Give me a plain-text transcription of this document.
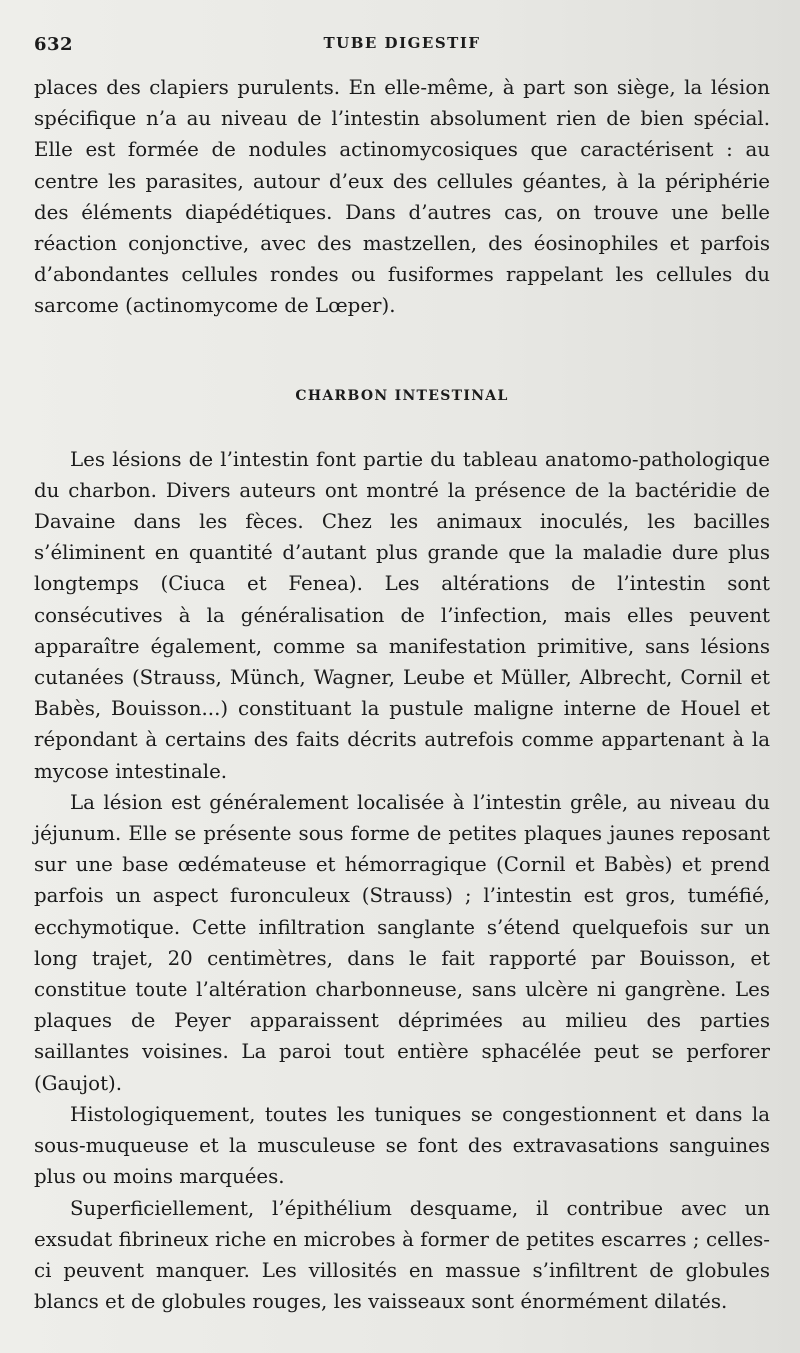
632	TUBE DIGESTIF

places des clapiers purulents. En elle-même, à part son siège, la lésion spécifique n’a au niveau de l’intestin absolument rien de bien spécial. Elle est formée de nodules actinomycosiques que caractérisent : au centre les parasites, autour d’eux des cellules géantes, à la périphérie des éléments diapédétiques. Dans d’autres cas, on trouve une belle réaction conjonctive, avec des mastzellen, des éosinophiles et parfois d’abondantes cellules rondes ou fusiformes rappelant les cellules du sarcome (actinomycome de Lœper).

CHARBON INTESTINAL

Les lésions de l’intestin font partie du tableau anatomo-pathologique du charbon. Divers auteurs ont montré la présence de la bactéridie de Davaine dans les fèces. Chez les animaux inoculés, les bacilles s’éliminent en quantité d’autant plus grande que la maladie dure plus longtemps (Ciuca et Fenea). Les altérations de l’intestin sont consécutives à la généralisation de l’infection, mais elles peuvent apparaître également, comme sa manifestation primitive, sans lésions cutanées (Strauss, Münch, Wagner, Leube et Müller, Albrecht, Cornil et Babès, Bouisson...) constituant la pustule maligne interne de Houel et répondant à certains des faits décrits autrefois comme appartenant à la mycose intestinale.

La lésion est généralement localisée à l’intestin grêle, au niveau du jéjunum. Elle se présente sous forme de petites plaques jaunes reposant sur une base œdémateuse et hémorragique (Cornil et Babès) et prend parfois un aspect furonculeux (Strauss) ; l’intestin est gros, tuméfié, ecchymotique. Cette infiltration sanglante s’étend quelquefois sur un long trajet, 20 centimètres, dans le fait rapporté par Bouisson, et constitue toute l’altération charbonneuse, sans ulcère ni gangrène. Les plaques de Peyer apparaissent déprimées au milieu des parties saillantes voisines. La paroi tout entière sphacélée peut se perforer (Gaujot).

Histologiquement, toutes les tuniques se congestionnent et dans la sous-muqueuse et la musculeuse se font des extravasations sanguines plus ou moins marquées.

Superficiellement, l’épithélium desquame, il contribue avec un exsudat fibrineux riche en microbes à former de petites escarres ; celles-ci peuvent manquer. Les villosités en massue s’infiltrent de globules blancs et de globules rouges, les vaisseaux sont énormément dilatés.
